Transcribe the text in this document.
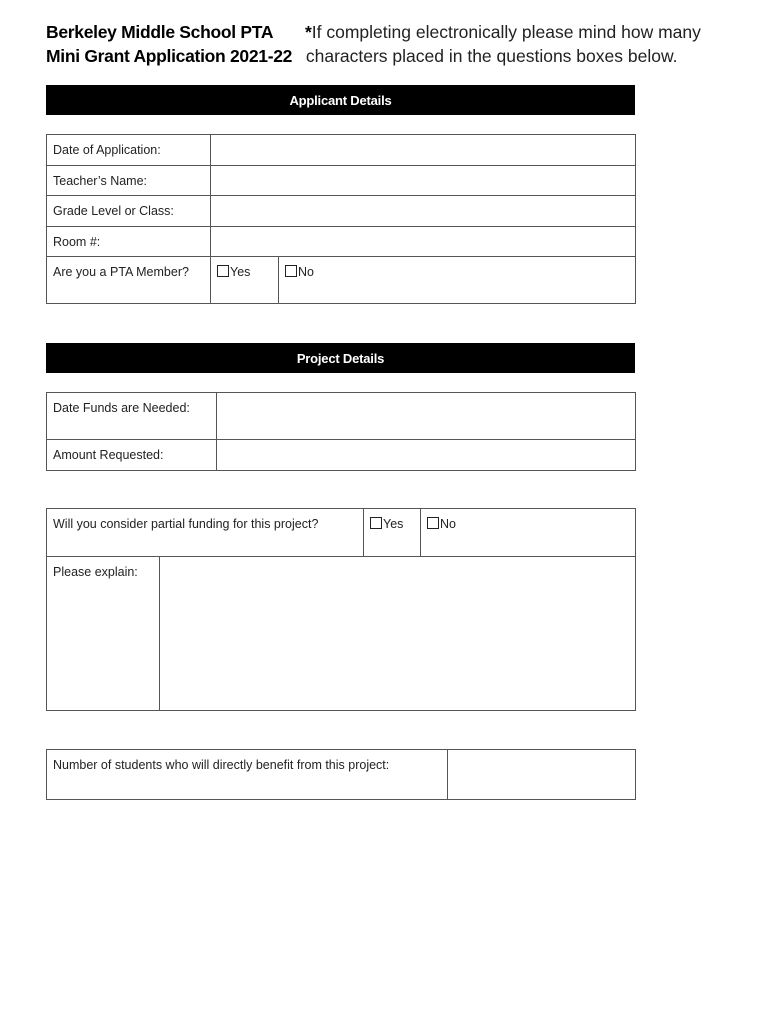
Berkeley Middle School PTA *If completing electronically please mind how many
Mini Grant Application 2021-22 characters placed in the questions boxes below.
Applicant Details
Date of Application:		
Teacher’s Name:		
Grade Level or Class:		
Room #:		
Are you a PTA Member?	Yes	No
Project Details
Date Funds are Needed:	
Amount Requested:	
Will you consider partial funding for this project?		Yes	No
Please explain:			
Number of students who will directly benefit from this project:	
